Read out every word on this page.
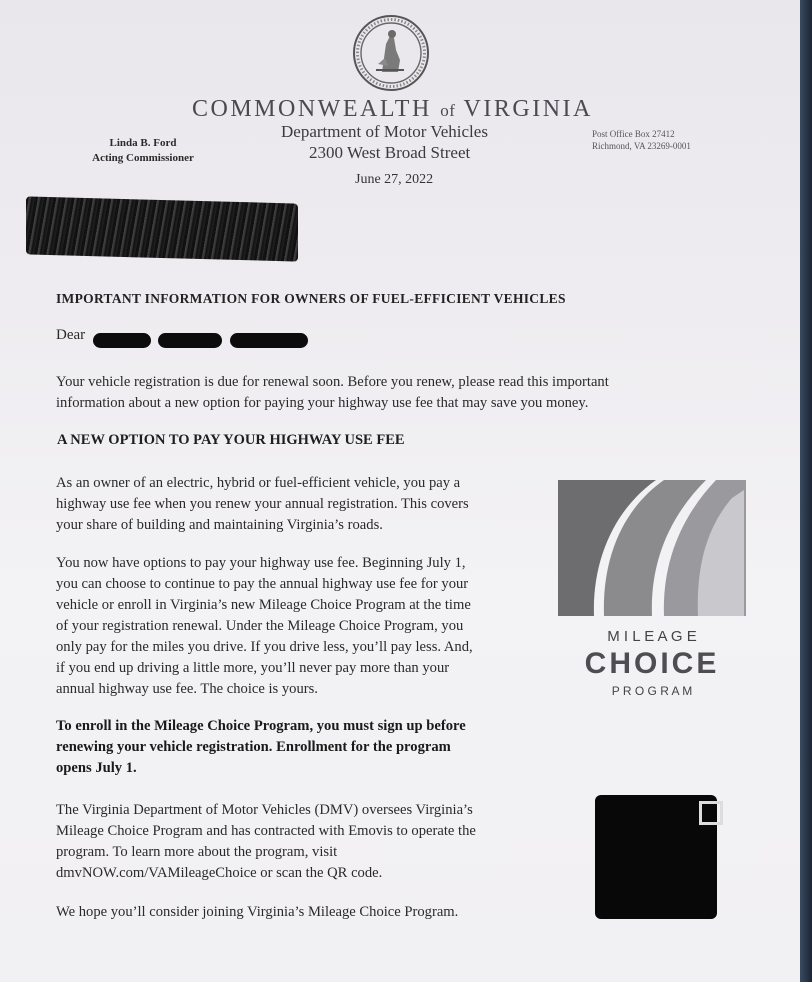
COMMONWEALTH of VIRGINIA
Department of Motor Vehicles
2300 West Broad Street
June 27, 2022
Linda B. Ford
Acting Commissioner
Post Office Box 27412
Richmond, VA 23269-0001
IMPORTANT INFORMATION FOR OWNERS OF FUEL-EFFICIENT VEHICLES
Dear
Your vehicle registration is due for renewal soon. Before you renew, please read this important
information about a new option for paying your highway use fee that may save you money.
A NEW OPTION TO PAY YOUR HIGHWAY USE FEE
As an owner of an electric, hybrid or fuel-efficient vehicle, you pay a
highway use fee when you renew your annual registration. This covers
your share of building and maintaining Virginia’s roads.
You now have options to pay your highway use fee. Beginning July 1,
you can choose to continue to pay the annual highway use fee for your
vehicle or enroll in Virginia’s new Mileage Choice Program at the time
of your registration renewal. Under the Mileage Choice Program, you
only pay for the miles you drive. If you drive less, you’ll pay less. And,
if you end up driving a little more, you’ll never pay more than your
annual highway use fee. The choice is yours.
To enroll in the Mileage Choice Program, you must sign up before
renewing your vehicle registration. Enrollment for the program
opens July 1.
The Virginia Department of Motor Vehicles (DMV) oversees Virginia’s
Mileage Choice Program and has contracted with Emovis to operate the
program. To learn more about the program, visit
dmvNOW.com/VAMileageChoice or scan the QR code.
We hope you’ll consider joining Virginia’s Mileage Choice Program.
M I L E A G E
CHOICE
P R O G R A M
